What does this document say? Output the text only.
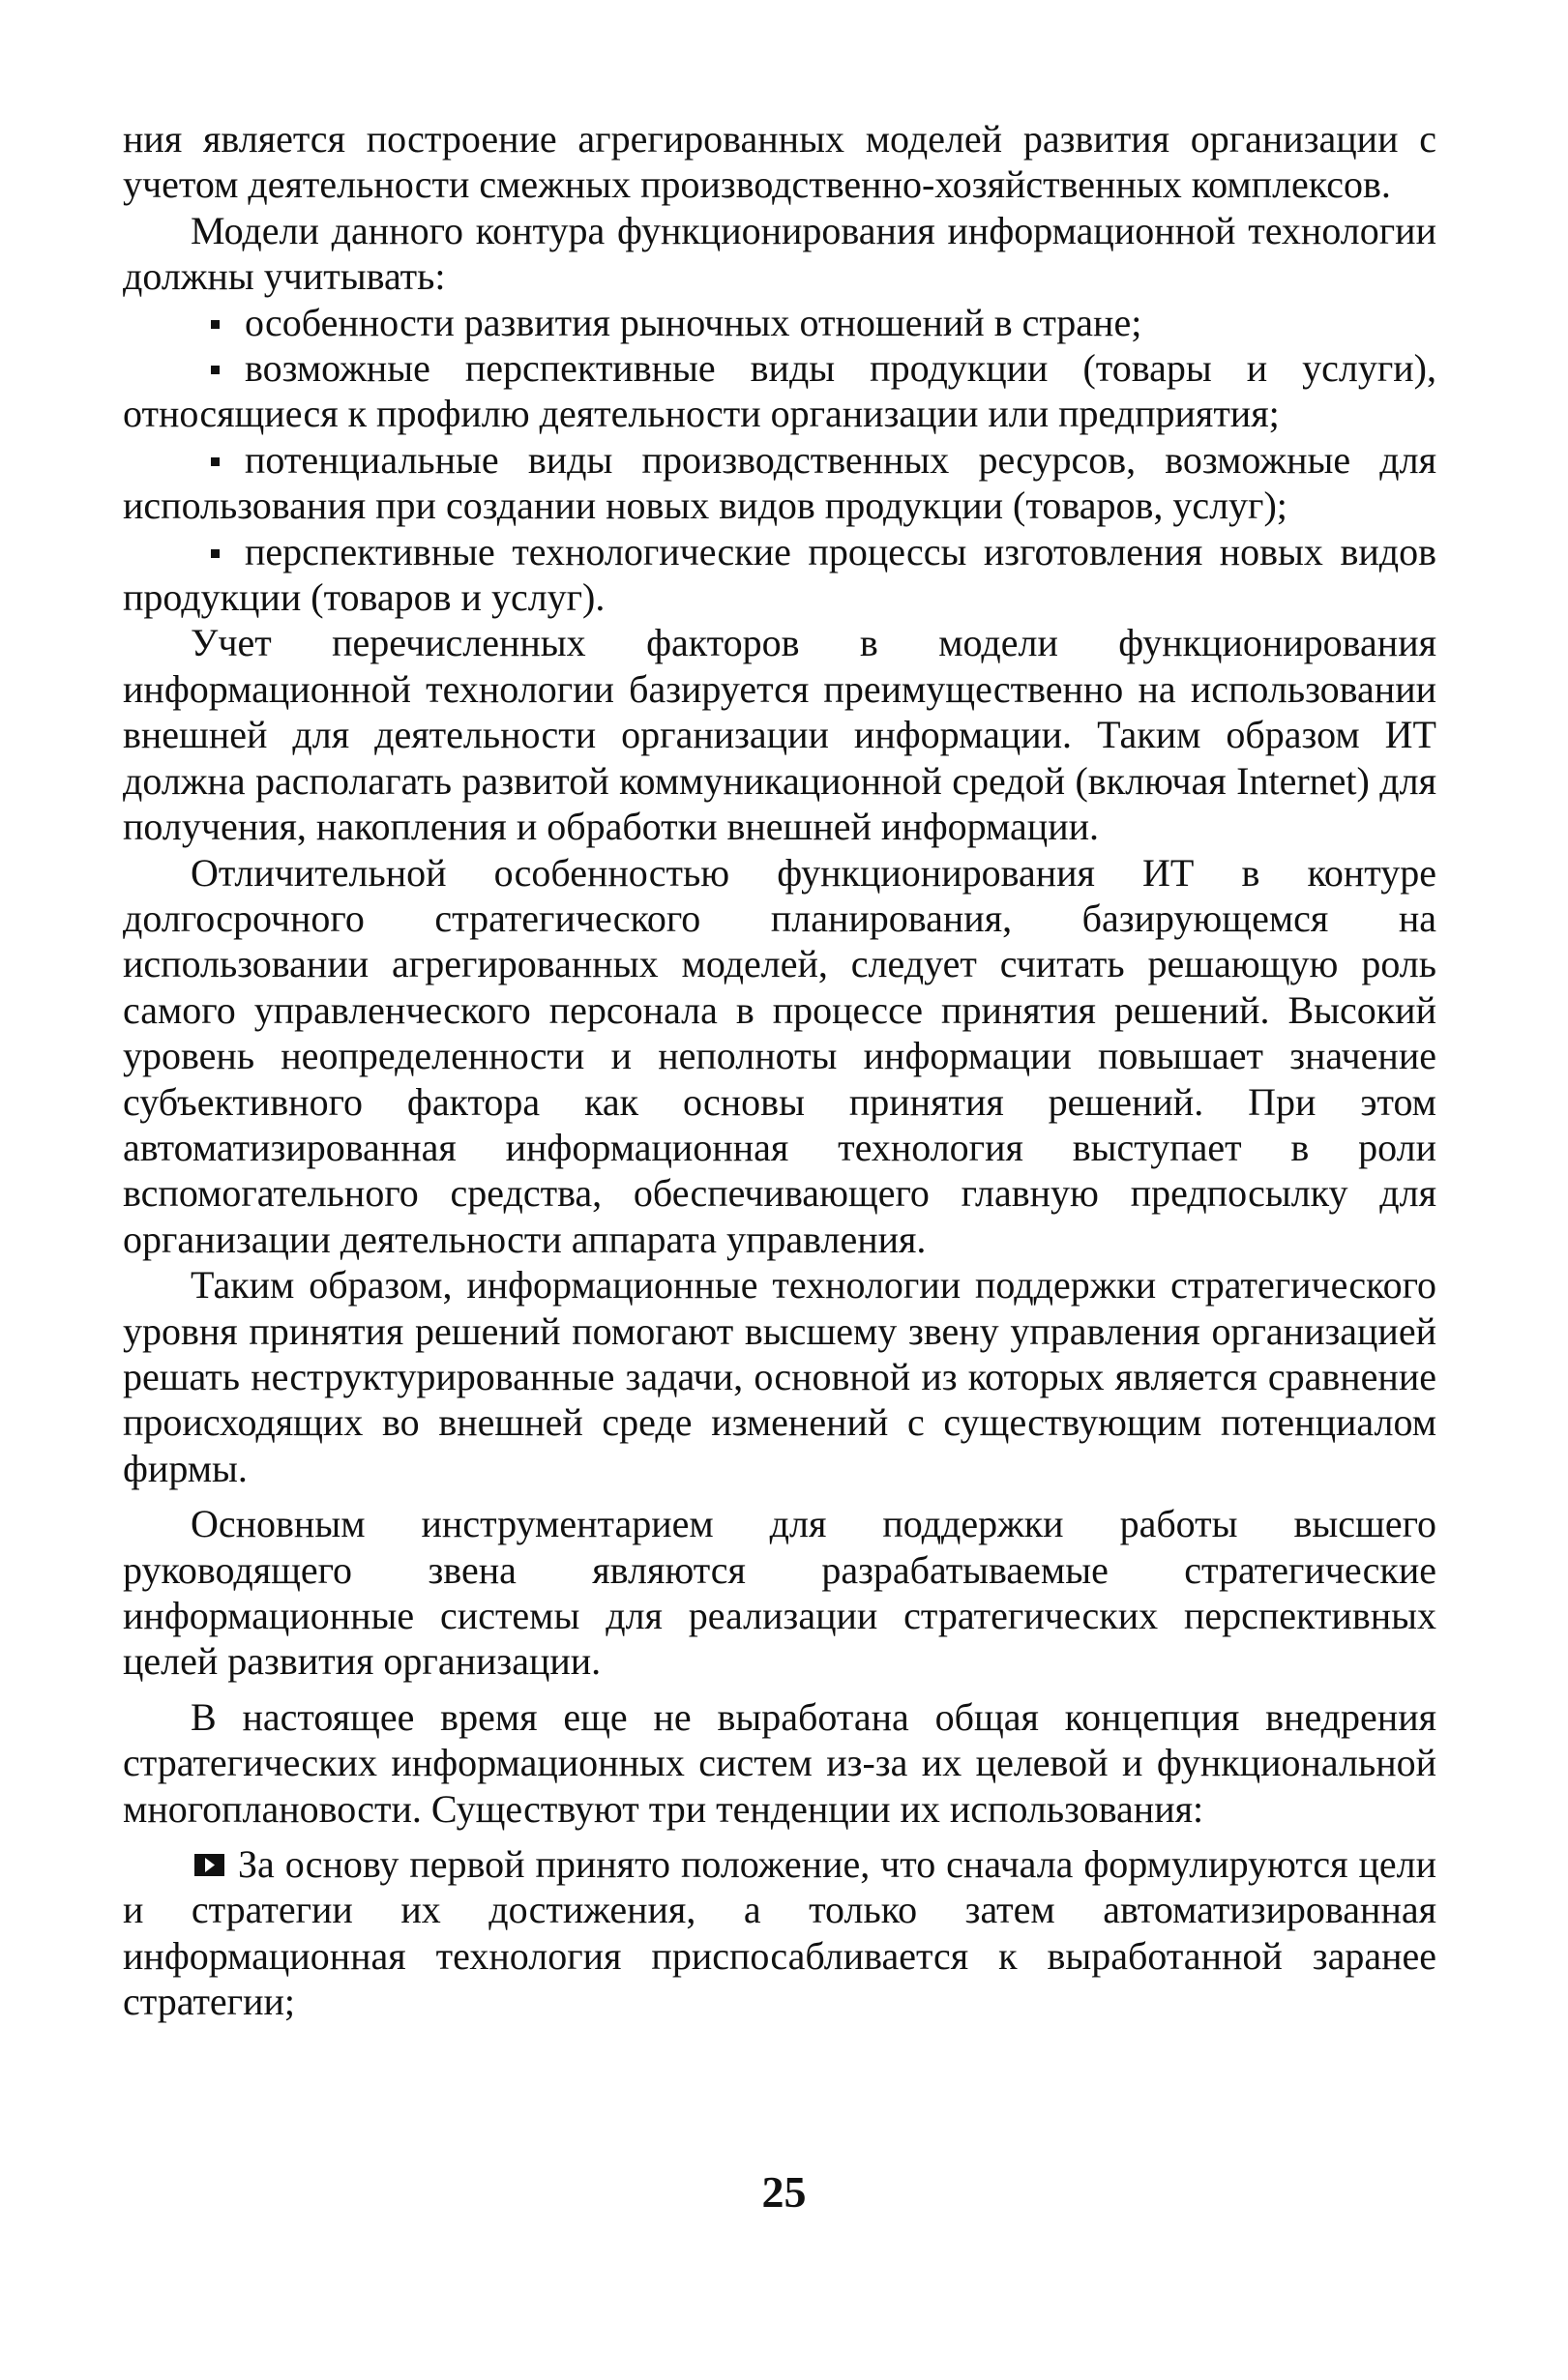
ния является построение агрегированных моделей развития организации с учетом деятельности смежных производственно-хозяйственных комплексов.

Модели данного контура функционирования информационной технологии должны учитывать:

особенности развития рыночных отношений в стране;

возможные перспективные виды продукции (товары и услуги), относящиеся к профилю деятельности организации или предприятия;

потенциальные виды производственных ресурсов, возможные для использования при создании новых видов продукции (товаров, услуг);

перспективные технологические процессы изготовления новых видов продукции (товаров и услуг).

Учет перечисленных факторов в модели функционирования информационной технологии базируется преимущественно на использовании внешней для деятельности организации информации. Таким образом ИТ должна располагать развитой коммуникационной средой (включая Internet) для получения, накопления и обработки внешней информации.

Отличительной особенностью функционирования ИТ в контуре долгосрочного стратегического планирования, базирующемся на использовании агрегированных моделей, следует считать решающую роль самого управленческого персонала в процессе принятия решений. Высокий уровень неопределенности и неполноты информации повышает значение субъективного фактора как основы принятия решений. При этом автоматизированная информационная технология выступает в роли вспомогательного средства, обеспечивающего главную предпосылку для организации деятельности аппарата управления.

Таким образом, информационные технологии поддержки стратегического уровня принятия решений помогают высшему звену управления организацией решать неструктурированные задачи, основной из которых является сравнение происходящих во внешней среде изменений с существующим потенциалом фирмы.

Основным инструментарием для поддержки работы высшего руководящего звена являются разрабатываемые стратегические информационные системы для реализации стратегических перспективных целей развития организации.

В настоящее время еще не выработана общая концепция внедрения стратегических информационных систем из-за их целевой и функциональной многоплановости. Существуют три тенденции их использования:

За основу первой принято положение, что сначала формулируются цели и стратегии их достижения, а только затем автоматизированная информационная технология приспосабливается к выработанной заранее стратегии;

25
